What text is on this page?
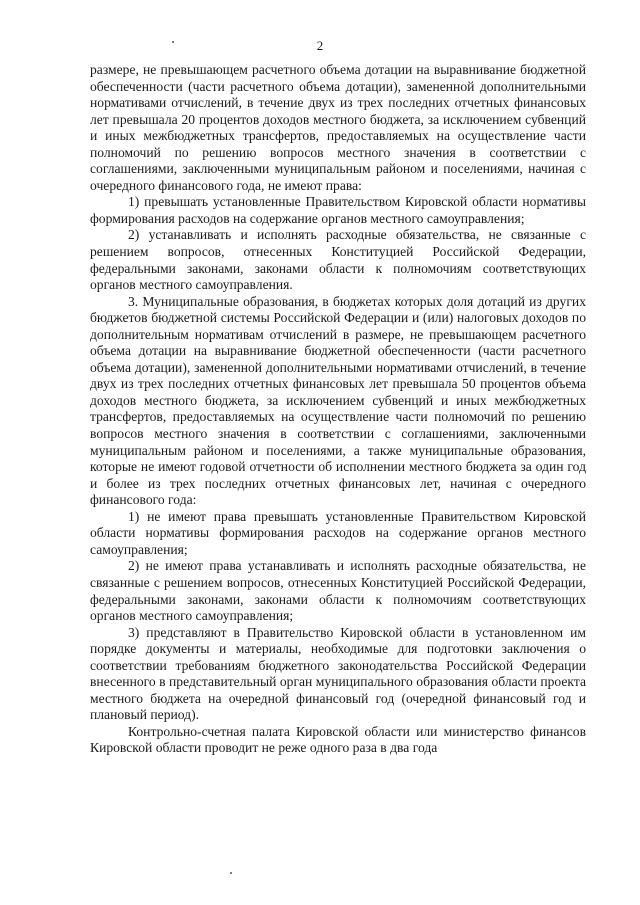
2

размере, не превышающем расчетного объема дотации на выравнивание бюджетной обеспеченности (части расчетного объема дотации), замененной дополнительными нормативами отчислений, в течение двух из трех последних отчетных финансовых лет превышала 20 процентов доходов местного бюджета, за исключением субвенций и иных межбюджетных трансфертов, предоставляемых на осуществление части полномочий по решению вопросов местного значения в соответствии с соглашениями, заключенными муниципальным районом и поселениями, начиная с очередного финансового года, не имеют права:

1) превышать установленные Правительством Кировской области нормативы формирования расходов на содержание органов местного самоуправления;

2) устанавливать и исполнять расходные обязательства, не связанные с решением вопросов, отнесенных Конституцией Российской Федерации, федеральными законами, законами области к полномочиям соответствующих органов местного самоуправления.

3. Муниципальные образования, в бюджетах которых доля дотаций из других бюджетов бюджетной системы Российской Федерации и (или) налоговых доходов по дополнительным нормативам отчислений в размере, не превышающем расчетного объема дотации на выравнивание бюджетной обеспеченности (части расчетного объема дотации), замененной дополнительными нормативами отчислений, в течение двух из трех последних отчетных финансовых лет превышала 50 процентов объема доходов местного бюджета, за исключением субвенций и иных межбюджетных трансфертов, предоставляемых на осуществление части полномочий по решению вопросов местного значения в соответствии с соглашениями, заключенными муниципальным районом и поселениями, а также муниципальные образования, которые не имеют годовой отчетности об исполнении местного бюджета за один год и более из трех последних отчетных финансовых лет, начиная с очередного финансового года:

1) не имеют права превышать установленные Правительством Кировской области нормативы формирования расходов на содержание органов местного самоуправления;

2) не имеют права устанавливать и исполнять расходные обязательства, не связанные с решением вопросов, отнесенных Конституцией Российской Федерации, федеральными законами, законами области к полномочиям соответствующих органов местного самоуправления;

3) представляют в Правительство Кировской области в установленном им порядке документы и материалы, необходимые для подготовки заключения о соответствии требованиям бюджетного законодательства Российской Федерации внесенного в представительный орган муниципального образования области проекта местного бюджета на очередной финансовый год (очередной финансовый год и плановый период).

Контрольно-счетная палата Кировской области или министерство финансов Кировской области проводит не реже одного раза в два года
